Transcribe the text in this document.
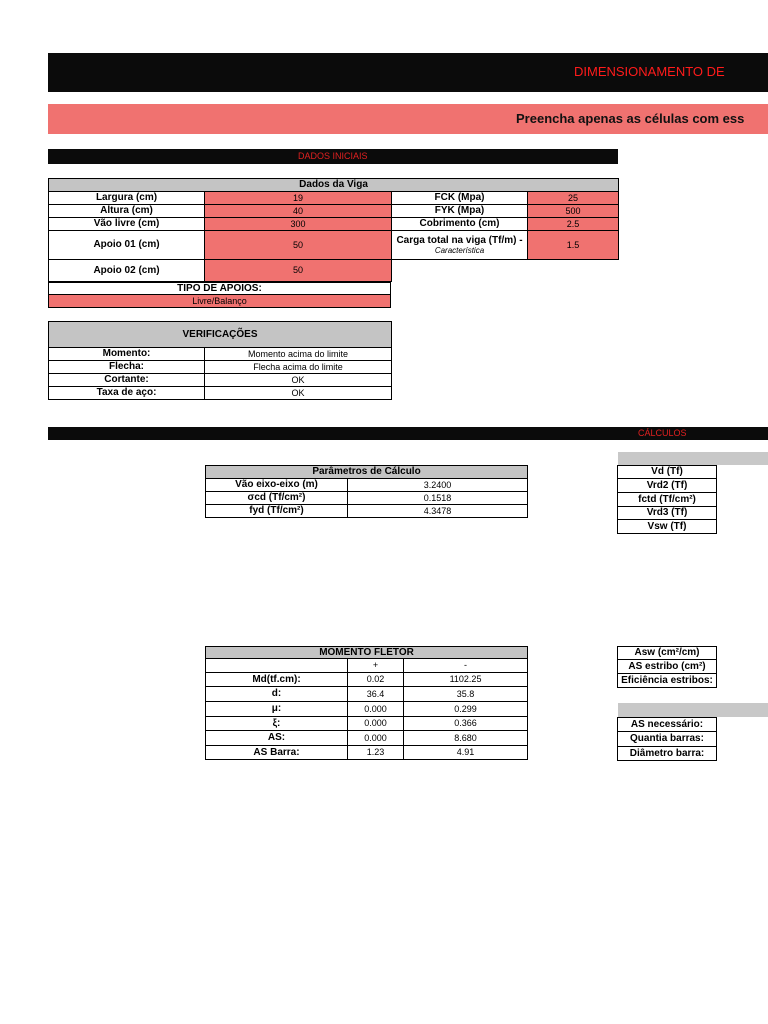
DIMENSIONAMENTO DE
Preencha apenas as células com ess
DADOS INICIAIS
Dados da Viga			
Largura (cm)	19	FCK (Mpa)	25
Altura (cm)	40	FYK (Mpa)	500
Vão livre (cm)	300	Cobrimento (cm)	2.5
Apoio 01 (cm)	50	Carga total na viga (Tf/m) -
Característica	1.5
Apoio 02 (cm)	50		
TIPO DE APOIOS:
Livre/Balanço
VERIFICAÇÕES	
Momento:	Momento acima do limite
Flecha:	Flecha acima do limite
Cortante:	OK
Taxa de aço:	OK
CÁLCULOS
Parâmetros de Cálculo	
Vão eixo-eixo (m)	3.2400
σcd (Tf/cm²)	0.1518
fyd (Tf/cm²)	4.3478
MOMENTO FLETOR		
	+	-
Md(tf.cm):	0.02	1102.25
d:	36.4	35.8
μ:	0.000	0.299
ξ:	0.000	0.366
AS:	0.000	8.680
AS Barra:	1.23	4.91
Vd (Tf)
Vrd2 (Tf)
fctd (Tf/cm²)
Vrd3 (Tf)
Vsw (Tf)
Asw (cm²/cm)
AS estribo (cm²)
Eficiência estribos:
AS necessário:
Quantia barras:
Diâmetro barra:
